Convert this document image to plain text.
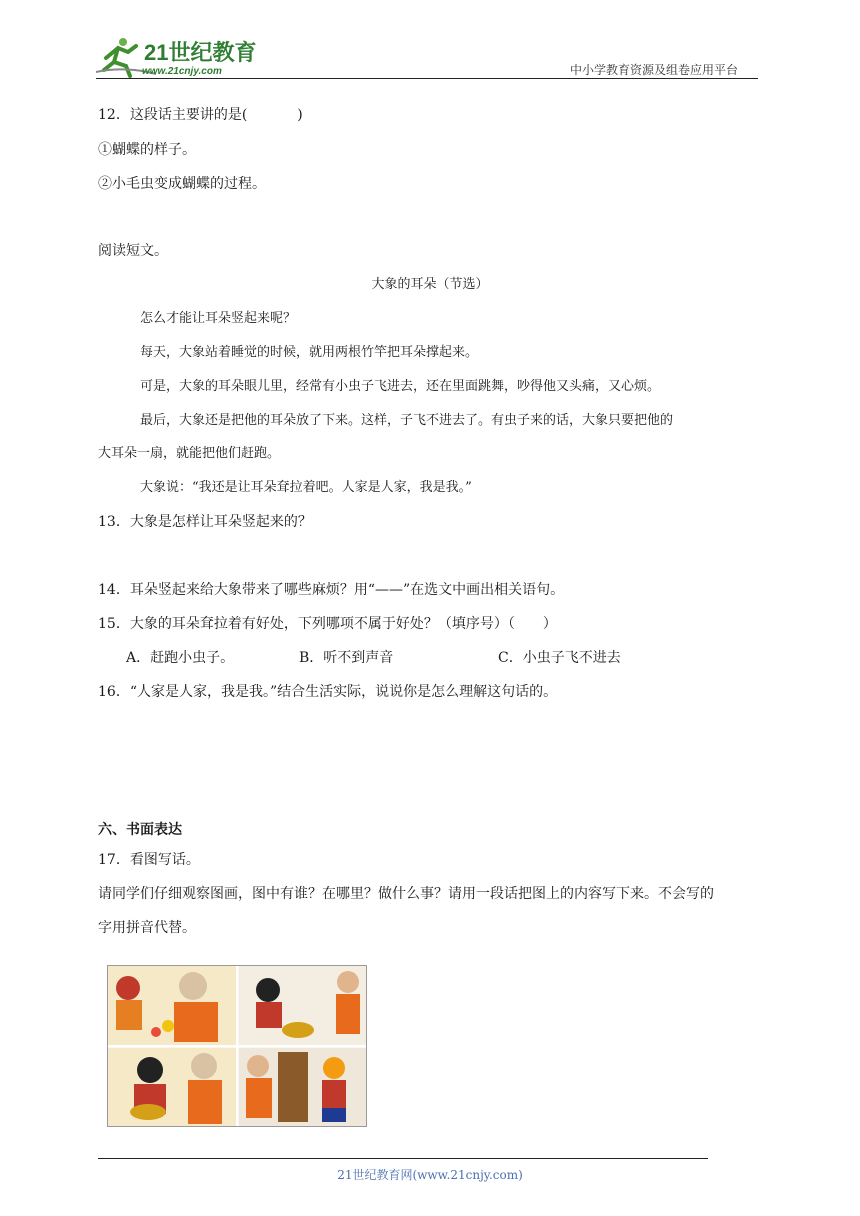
21世纪教育
www.21cnjy.com	中小学教育资源及组卷应用平台
12．这段话主要讲的是(	)
①蝴蝶的样子。
②小毛虫变成蝴蝶的过程。
阅读短文。
大象的耳朵（节选）
怎么才能让耳朵竖起来呢？
每天，大象站着睡觉的时候，就用两根竹竿把耳朵撑起来。
可是，大象的耳朵眼儿里，经常有小虫子飞进去，还在里面跳舞，吵得他又头痛，又心烦。
最后，大象还是把他的耳朵放了下来。这样，子飞不进去了。有虫子来的话，大象只要把他的
大耳朵一扇，就能把他们赶跑。
大象说：“我还是让耳朵耷拉着吧。人家是人家，我是我。”
13．大象是怎样让耳朵竖起来的？
14．耳朵竖起来给大象带来了哪些麻烦？用“——”在选文中画出相关语句。
15．大象的耳朵耷拉着有好处，下列哪项不属于好处？（填序号）（　　）
A．赶跑小虫子。	B．听不到声音	C．小虫子飞不进去
16．“人家是人家，我是我。”结合生活实际，说说你是怎么理解这句话的。
六、书面表达
17．看图写话。
请同学们仔细观察图画，图中有谁？在哪里？做什么事？请用一段话把图上的内容写下来。不会写的
字用拼音代替。
21世纪教育网(www.21cnjy.com)
